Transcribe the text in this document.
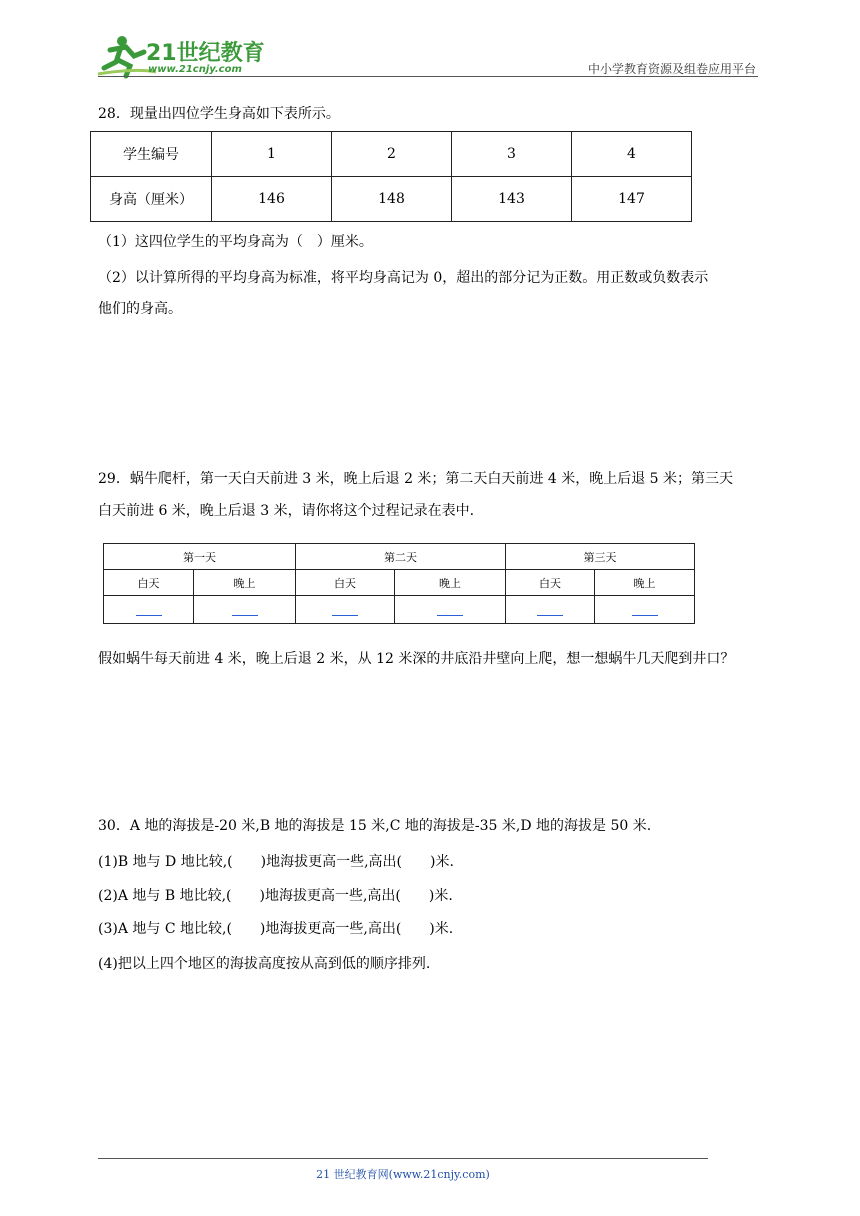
21世纪教育
www.21cnjy.com	中小学教育资源及组卷应用平台
28．现量出四位学生身高如下表所示。
学生编号	1	2	3	4
身高（厘米）	146	148	143	147
（1）这四位学生的平均身高为（　）厘米。
（2）以计算所得的平均身高为标准，将平均身高记为 0，超出的部分记为正数。用正数或负数表示
他们的身高。
29．蜗牛爬杆，第一天白天前进 3 米，晚上后退 2 米；第二天白天前进 4 米，晚上后退 5 米；第三天
白天前进 6 米，晚上后退 3 米，请你将这个过程记录在表中.
第一天		第二天		第三天	
白天	晚上	白天	晚上	白天	晚上

假如蜗牛每天前进 4 米，晚上后退 2 米，从 12 米深的井底沿井壁向上爬，想一想蜗牛几天爬到井口？
30．A 地的海拔是-20 米,B 地的海拔是 15 米,C 地的海拔是-35 米,D 地的海拔是 50 米.
(1)B 地与 D 地比较,(　　)地海拔更高一些,高出(　　)米.
(2)A 地与 B 地比较,(　　)地海拔更高一些,高出(　　)米.
(3)A 地与 C 地比较,(　　)地海拔更高一些,高出(　　)米.
(4)把以上四个地区的海拔高度按从高到低的顺序排列.
21 世纪教育网(www.21cnjy.com)
